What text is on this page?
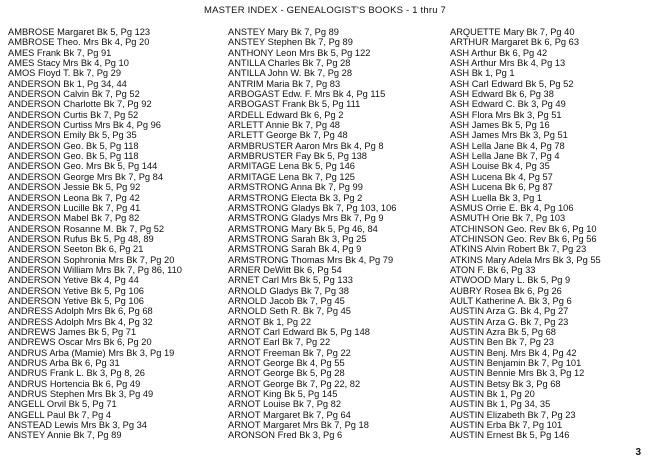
MASTER INDEX - GENEALOGIST'S BOOKS - 1 thru 7
AMBROSE Margaret Bk 5, Pg 123
AMBROSE Theo. Mrs Bk 4, Pg 20
AMES Frank Bk 7, Pg 91
AMES Stacy Mrs Bk 4, Pg 10
AMOS Floyd T. Bk 7, Pg 29
ANDERSON Bk 1, Pg 34, 44
ANDERSON Calvin Bk 7, Pg 52
ANDERSON Charlotte Bk 7, Pg 92
ANDERSON Curtis Bk 7, Pg 52
ANDERSON Curtiss Mrs Bk 4, Pg 96
ANDERSON Emily Bk 5, Pg 35
ANDERSON Geo. Bk 5, Pg 118
ANDERSON Geo. Bk 5, Pg 118
ANDERSON Geo. Mrs Bk 5, Pg 144
ANDERSON George Mrs Bk 7, Pg 84
ANDERSON Jessie Bk 5, Pg 92
ANDERSON Leona Bk 7, Pg 42
ANDERSON Lucille Bk 7, Pg 41
ANDERSON Mabel Bk 7, Pg 82
ANDERSON Rosanne M. Bk 7, Pg 52
ANDERSON Rufus Bk 5, Pg 48, 89
ANDERSON Seeton Bk 6, Pg 21
ANDERSON Sophronia Mrs Bk 7, Pg 20
ANDERSON William Mrs Bk 7, Pg 86, 110
ANDERSON Yetive Bk 4, Pg 44
ANDERSON Yetive Bk 5, Pg 106
ANDERSON Yetive Bk 5, Pg 106
ANDRESS Adolph Mrs Bk 6, Pg 68
ANDRESS Adolph Mrs Bk 4, Pg 32
ANDREWS James Bk 5, Pg 71
ANDREWS Oscar Mrs Bk 6, Pg 20
ANDRUS Arba (Mamie) Mrs Bk 3, Pg 19
ANDRUS Arba Bk 6, Pg 31
ANDRUS Frank L. Bk 3, Pg 8, 26
ANDRUS Hortencia Bk 6, Pg 49
ANDRUS Stephen Mrs Bk 3, Pg 49
ANGELL Orvil Bk 5, Pg 71
ANGELL Paul Bk 7, Pg 4
ANSTEAD Lewis Mrs Bk 3, Pg 34
ANSTEY Annie Bk 7, Pg 89
ANSTEY Mary Bk 7, Pg 89
ANSTEY Stephen Bk 7, Pg 89
ANTHONY Leon Mrs Bk 5, Pg 122
ANTILLA Charles Bk 7, Pg 28
ANTILLA John W. Bk 7, Pg 28
ANTRIM Maria Bk 7, Pg 83
ARBOGAST Edw. F. Mrs Bk 4, Pg 115
ARBOGAST Frank Bk 5, Pg 111
ARDELL Edward Bk 6, Pg 2
ARLETT Annie Bk 7, Pg 48
ARLETT George Bk 7, Pg 48
ARMBRUSTER Aaron Mrs Bk 4, Pg 8
ARMBRUSTER Fay Bk 5, Pg 138
ARMITAGE Lena Bk 5, Pg 146
ARMITAGE Lena Bk 7, Pg 125
ARMSTRONG Anna Bk 7, Pg 99
ARMSTRONG Electa Bk 3, Pg 2
ARMSTRONG Gladys Bk 7, Pg 103, 106
ARMSTRONG Gladys Mrs Bk 7, Pg 9
ARMSTRONG Mary Bk 5, Pg 46, 84
ARMSTRONG Sarah Bk 3, Pg 25
ARMSTRONG Sarah Bk 4, Pg 9
ARMSTRONG Thomas Mrs Bk 4, Pg 79
ARNER DeWitt Bk 6, Pg 54
ARNET Carl Mrs Bk 5, Pg 133
ARNOLD Gladys Bk 7, Pg 38
ARNOLD Jacob Bk 7, Pg 45
ARNOLD Seth R. Bk 7, Pg 45
ARNOT Bk 1, Pg 22
ARNOT Carl Edward Bk 5, Pg 148
ARNOT Earl Bk 7, Pg 22
ARNOT Freeman Bk 7, Pg 22
ARNOT George Bk 4, Pg 55
ARNOT George Bk 5, Pg 28
ARNOT George Bk 7, Pg 22, 82
ARNOT King Bk 5, Pg 145
ARNOT Louise Bk 7, Pg 82
ARNOT Margaret Bk 7, Pg 64
ARNOT Margaret Mrs Bk 7, Pg 18
ARONSON Fred Bk 3, Pg 6
ARQUETTE Mary Bk 7, Pg 40
ARTHUR Margaret Bk 6, Pg 63
ASH Arthur Bk 6, Pg 42
ASH Arthur Mrs Bk 4, Pg 13
ASH Bk 1, Pg 1
ASH Carl Edward Bk 5, Pg 52
ASH Edward Bk 6, Pg 38
ASH Edward C. Bk 3, Pg 49
ASH Flora Mrs Bk 3, Pg 51
ASH James Bk 5, Pg 16
ASH James Mrs Bk 3, Pg 51
ASH Lella Jane Bk 4, Pg 78
ASH Lella Jane Bk 7, Pg 4
ASH Louise Bk 4, Pg 35
ASH Lucena Bk 4, Pg 57
ASH Lucena Bk 6, Pg 87
ASH Luella Bk 3, Pg 1
ASMUS Orrie E. Bk 4, Pg 106
ASMUTH Orie Bk 7, Pg 103
ATCHINSON Geo. Rev Bk 6, Pg 10
ATCHINSON Geo. Rev Bk 6, Pg 56
ATKINS Alvin Robert Bk 7, Pg 23
ATKINS Mary Adela Mrs Bk 3, Pg 55
ATON F. Bk 6, Pg 33
ATWOOD Mary L. Bk 5, Pg 9
AUBRY Rosea Bk 6, Pg 26
AULT Katherine A. Bk 3, Pg 6
AUSTIN Arza G. Bk 4, Pg 27
AUSTIN Arza G. Bk 7, Pg 23
AUSTIN Azra Bk 5, Pg 68
AUSTIN Ben Bk 7, Pg 23
AUSTIN Benj. Mrs Bk 4, Pg 42
AUSTIN Benjamin Bk 7, Pg 101
AUSTIN Bennie Mrs Bk 3, Pg 12
AUSTIN Betsy Bk 3, Pg 68
AUSTIN Bk 1, Pg 20
AUSTIN Bk 1, Pg 34, 35
AUSTIN Elizabeth Bk 7, Pg 23
AUSTIN Erba Bk 7, Pg 101
AUSTIN Ernest Bk 5, Pg 146
3
